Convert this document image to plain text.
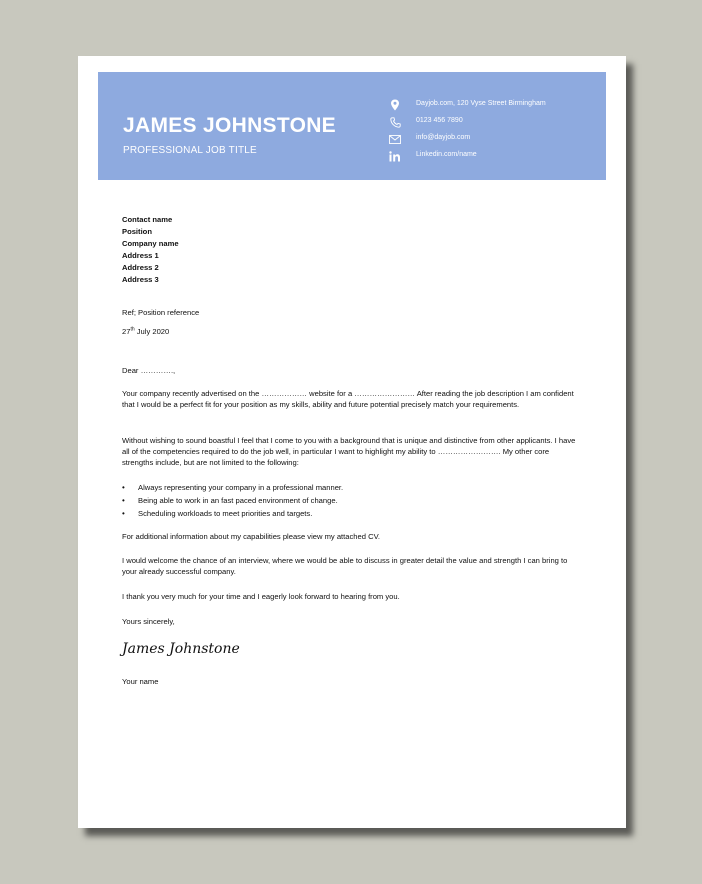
JAMES JOHNSTONE
PROFESSIONAL JOB TITLE
Dayjob.com, 120 Vyse Street Birmingham
0123 456 7890
info@dayjob.com
Linkedin.com/name
Contact name
Position
Company name
Address 1
Address 2
Address 3
Ref; Position reference
27th July 2020
Dear ………….,
Your company recently advertised on the ……………… website for a …………………… After reading the job description I am confident that I would be a perfect fit for your position as my skills, ability and future potential precisely match your requirements.
Without wishing to sound boastful I feel that I come to you with a background that is unique and distinctive from other applicants. I have all of the competencies required to do the job well, in particular I want to highlight my ability to ……………………. My other core strengths include, but are not limited to the following:
• Always representing your company in a professional manner.
• Being able to work in an fast paced environment of change.
• Scheduling workloads to meet priorities and targets.
For additional information about my capabilities please view my attached CV.
I would welcome the chance of an interview, where we would be able to discuss in greater detail the value and strength I can bring to your already successful company.
I thank you very much for your time and I eagerly look forward to hearing from you.
Yours sincerely,
James Johnstone
Your name
